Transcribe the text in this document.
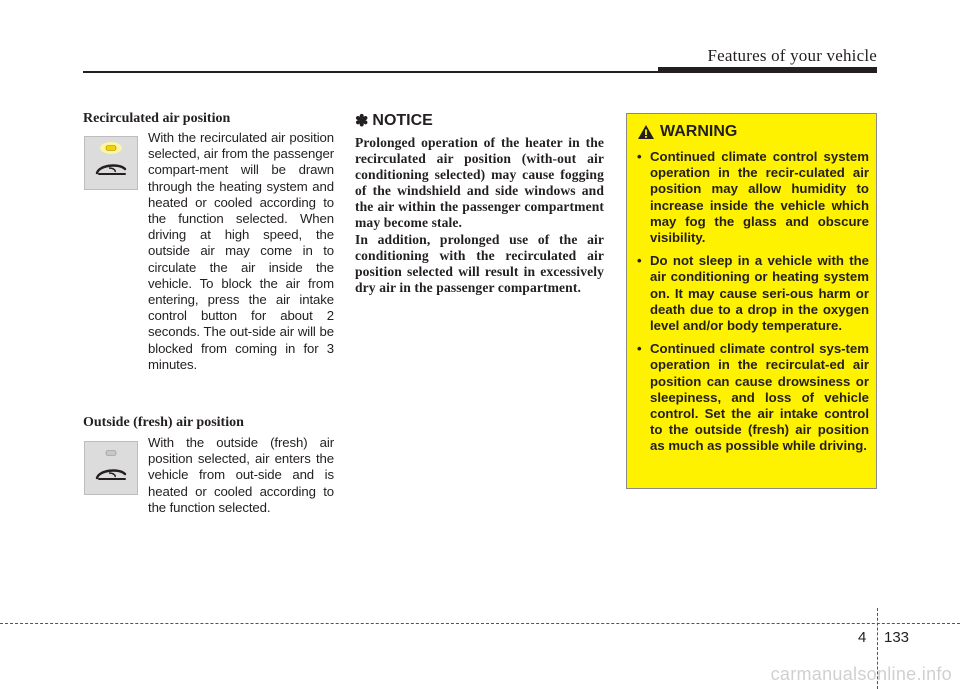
Features of your vehicle
Recirculated air position
With the recirculated air position selected, air from the passenger compart-ment will be drawn through the heating system and heated or cooled according to the function selected. When driving at high speed, the outside air may come in to circulate the air inside the vehicle. To block the air from entering, press the air intake control button for about 2 seconds. The out-side air will be blocked from coming in for 3 minutes.
Outside (fresh) air position
With the outside (fresh) air position selected, air enters the vehicle from out-side and is heated or cooled according to the function selected.
✽ NOTICE

Prolonged operation of the heater in the recirculated air position (with-out air conditioning selected) may cause fogging of the windshield and side windows and the air within the passenger compartment may become stale.

In addition, prolonged use of the air conditioning with the recirculated air position selected will result in excessively dry air in the passenger compartment.

WARNING
• Continued climate control system operation in the recir-culated air position may allow humidity to increase inside the vehicle which may fog the glass and obscure visibility.
• Do not sleep in a vehicle with the air conditioning or heating system on. It may cause seri-ous harm or death due to a drop in the oxygen level and/or body temperature.
• Continued climate control sys-tem operation in the recirculat-ed air position can cause drowsiness or sleepiness, and loss of vehicle control. Set the air intake control to the outside (fresh) air position as much as possible while driving.
4 133
carmanualsonline.info
